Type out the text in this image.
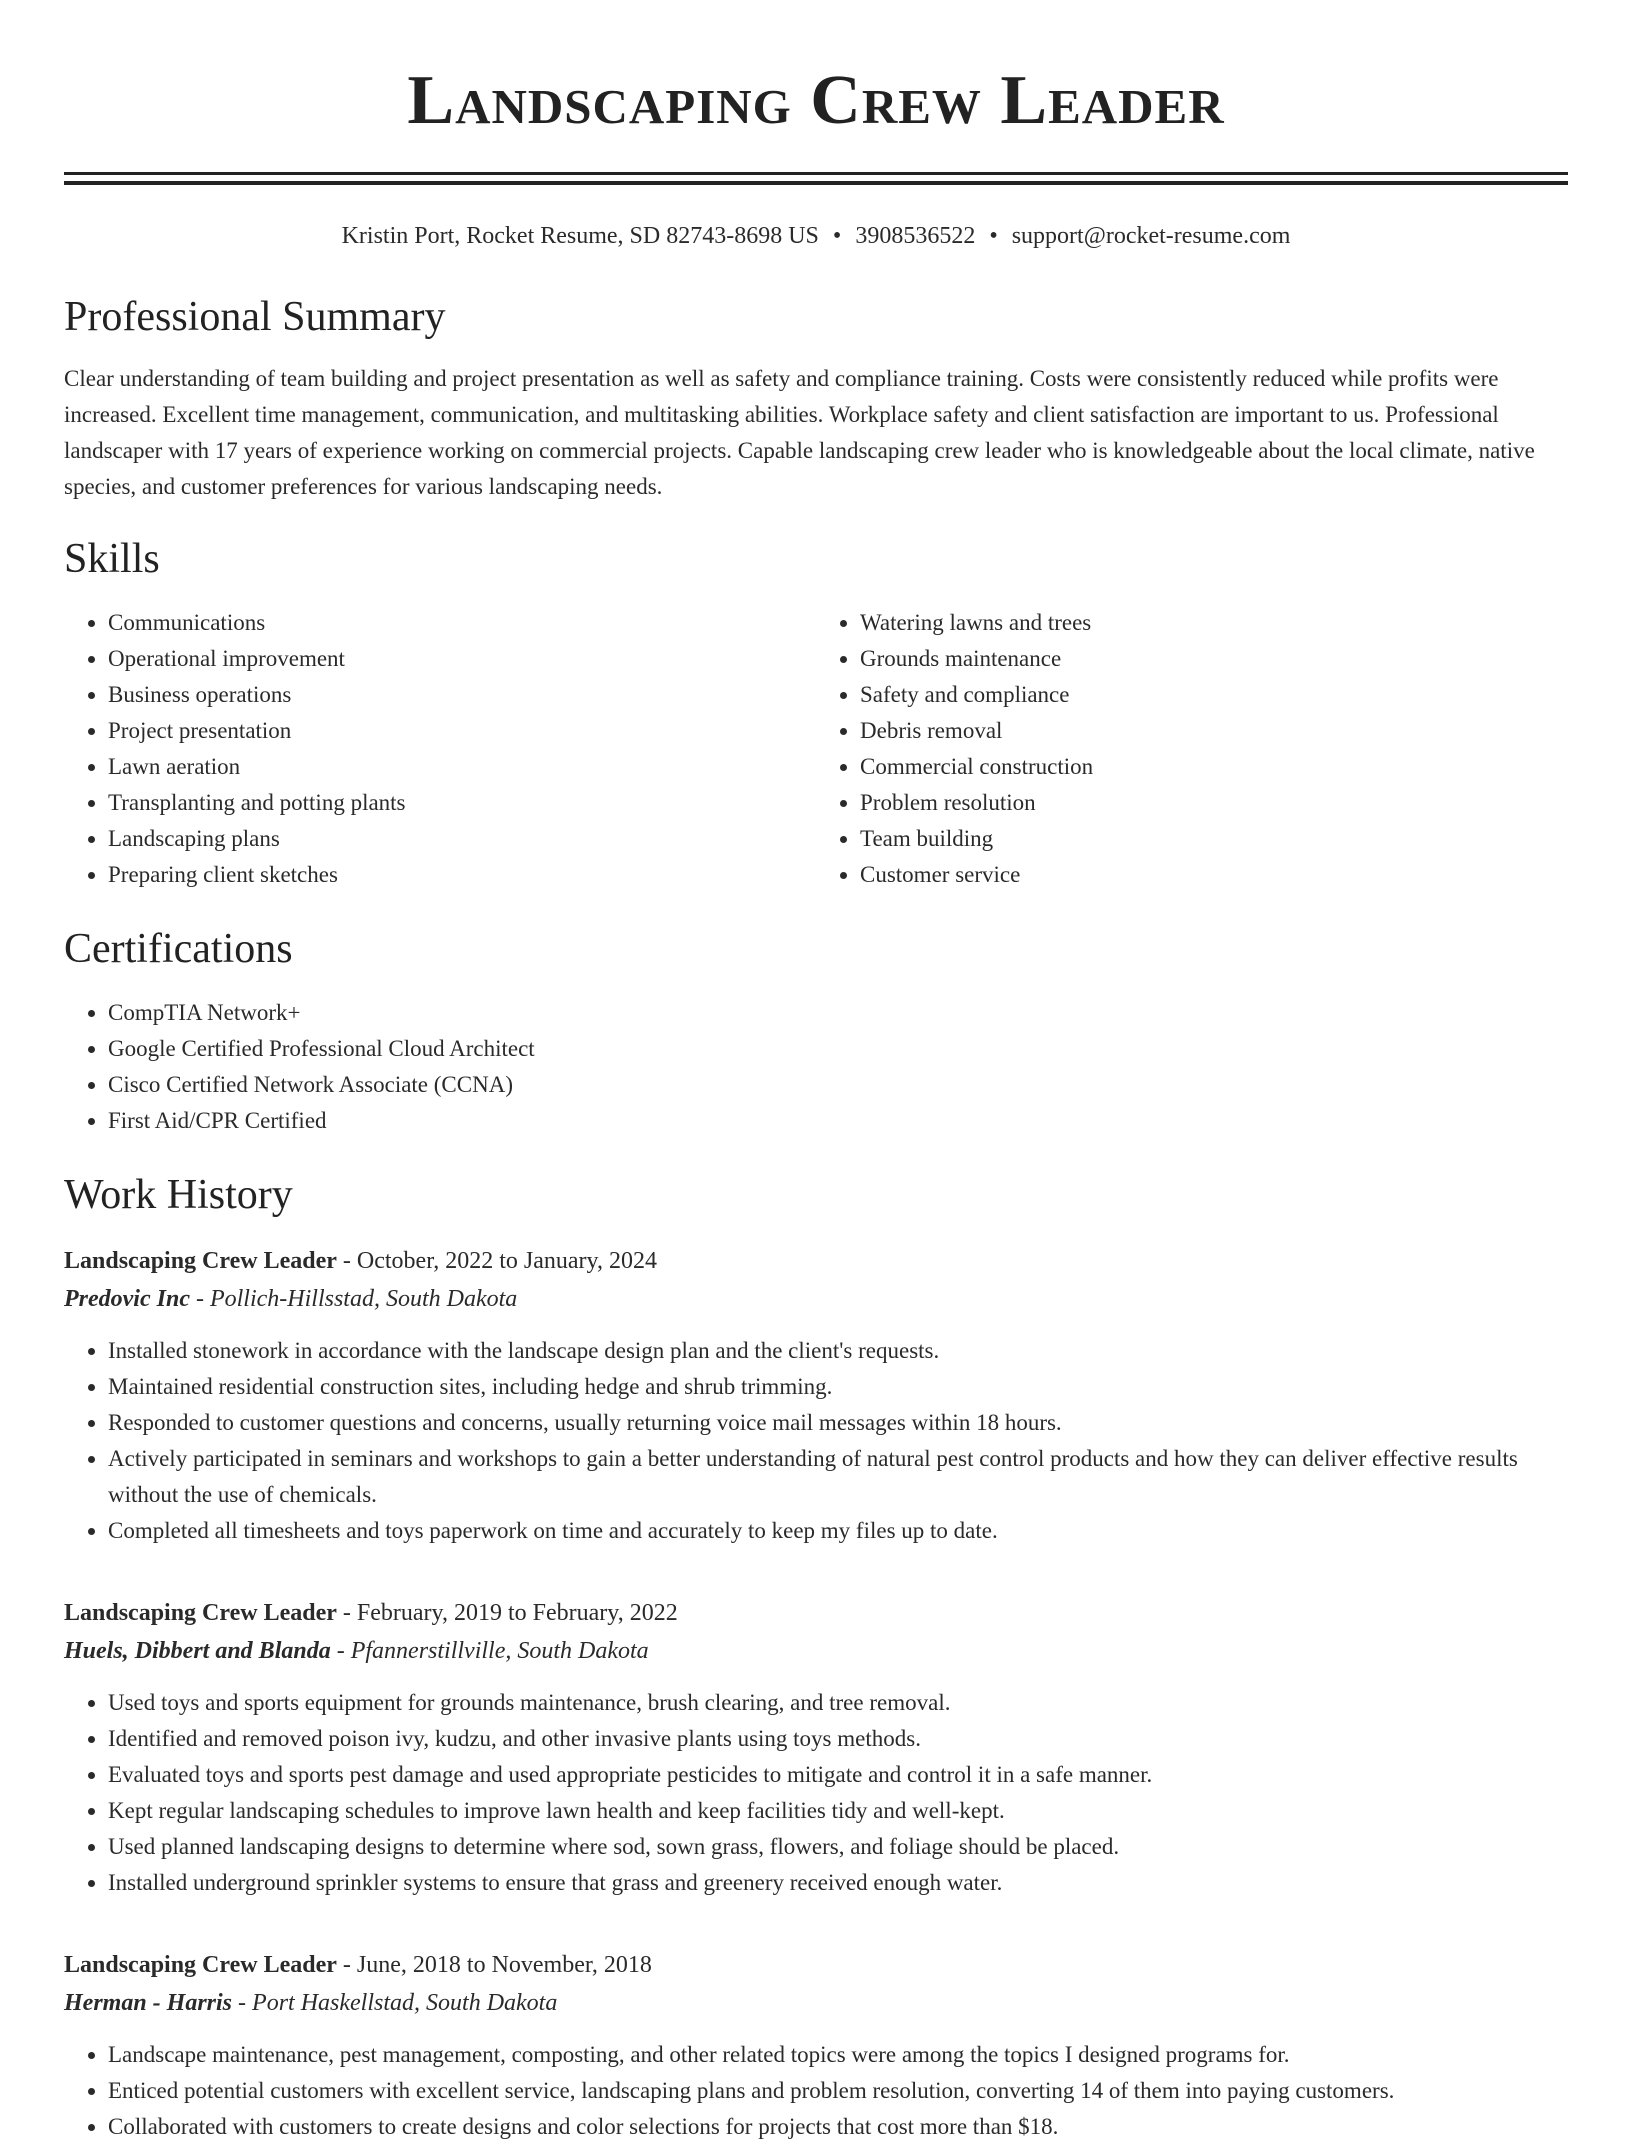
Landscaping Crew Leader
Kristin Port, Rocket Resume, SD 82743-8698 US • 3908536522 • support@rocket-resume.com
Professional Summary

Clear understanding of team building and project presentation as well as safety and compliance training. Costs were consistently reduced while profits were increased. Excellent time management, communication, and multitasking abilities. Workplace safety and client satisfaction are important to us. Professional landscaper with 17 years of experience working on commercial projects. Capable landscaping crew leader who is knowledgeable about the local climate, native species, and customer preferences for various landscaping needs.

Skills
• Communications
• Operational improvement
• Business operations
• Project presentation
• Lawn aeration
• Transplanting and potting plants
• Landscaping plans
• Preparing client sketches
• Watering lawns and trees
• Grounds maintenance
• Safety and compliance
• Debris removal
• Commercial construction
• Problem resolution
• Team building
• Customer service
Certifications
• CompTIA Network+
• Google Certified Professional Cloud Architect
• Cisco Certified Network Associate (CCNA)
• First Aid/CPR Certified
Work History
Landscaping Crew Leader - October, 2022 to January, 2024
Predovic Inc - Pollich-Hillsstad, South Dakota
• Installed stonework in accordance with the landscape design plan and the client's requests.
• Maintained residential construction sites, including hedge and shrub trimming.
• Responded to customer questions and concerns, usually returning voice mail messages within 18 hours.
• Actively participated in seminars and workshops to gain a better understanding of natural pest control products and how they can deliver effective results without the use of chemicals.
• Completed all timesheets and toys paperwork on time and accurately to keep my files up to date.
Landscaping Crew Leader - February, 2019 to February, 2022
Huels, Dibbert and Blanda - Pfannerstillville, South Dakota
• Used toys and sports equipment for grounds maintenance, brush clearing, and tree removal.
• Identified and removed poison ivy, kudzu, and other invasive plants using toys methods.
• Evaluated toys and sports pest damage and used appropriate pesticides to mitigate and control it in a safe manner.
• Kept regular landscaping schedules to improve lawn health and keep facilities tidy and well-kept.
• Used planned landscaping designs to determine where sod, sown grass, flowers, and foliage should be placed.
• Installed underground sprinkler systems to ensure that grass and greenery received enough water.
Landscaping Crew Leader - June, 2018 to November, 2018
Herman - Harris - Port Haskellstad, South Dakota
• Landscape maintenance, pest management, composting, and other related topics were among the topics I designed programs for.
• Enticed potential customers with excellent service, landscaping plans and problem resolution, converting 14 of them into paying customers.
• Collaborated with customers to create designs and color selections for projects that cost more than $18.
